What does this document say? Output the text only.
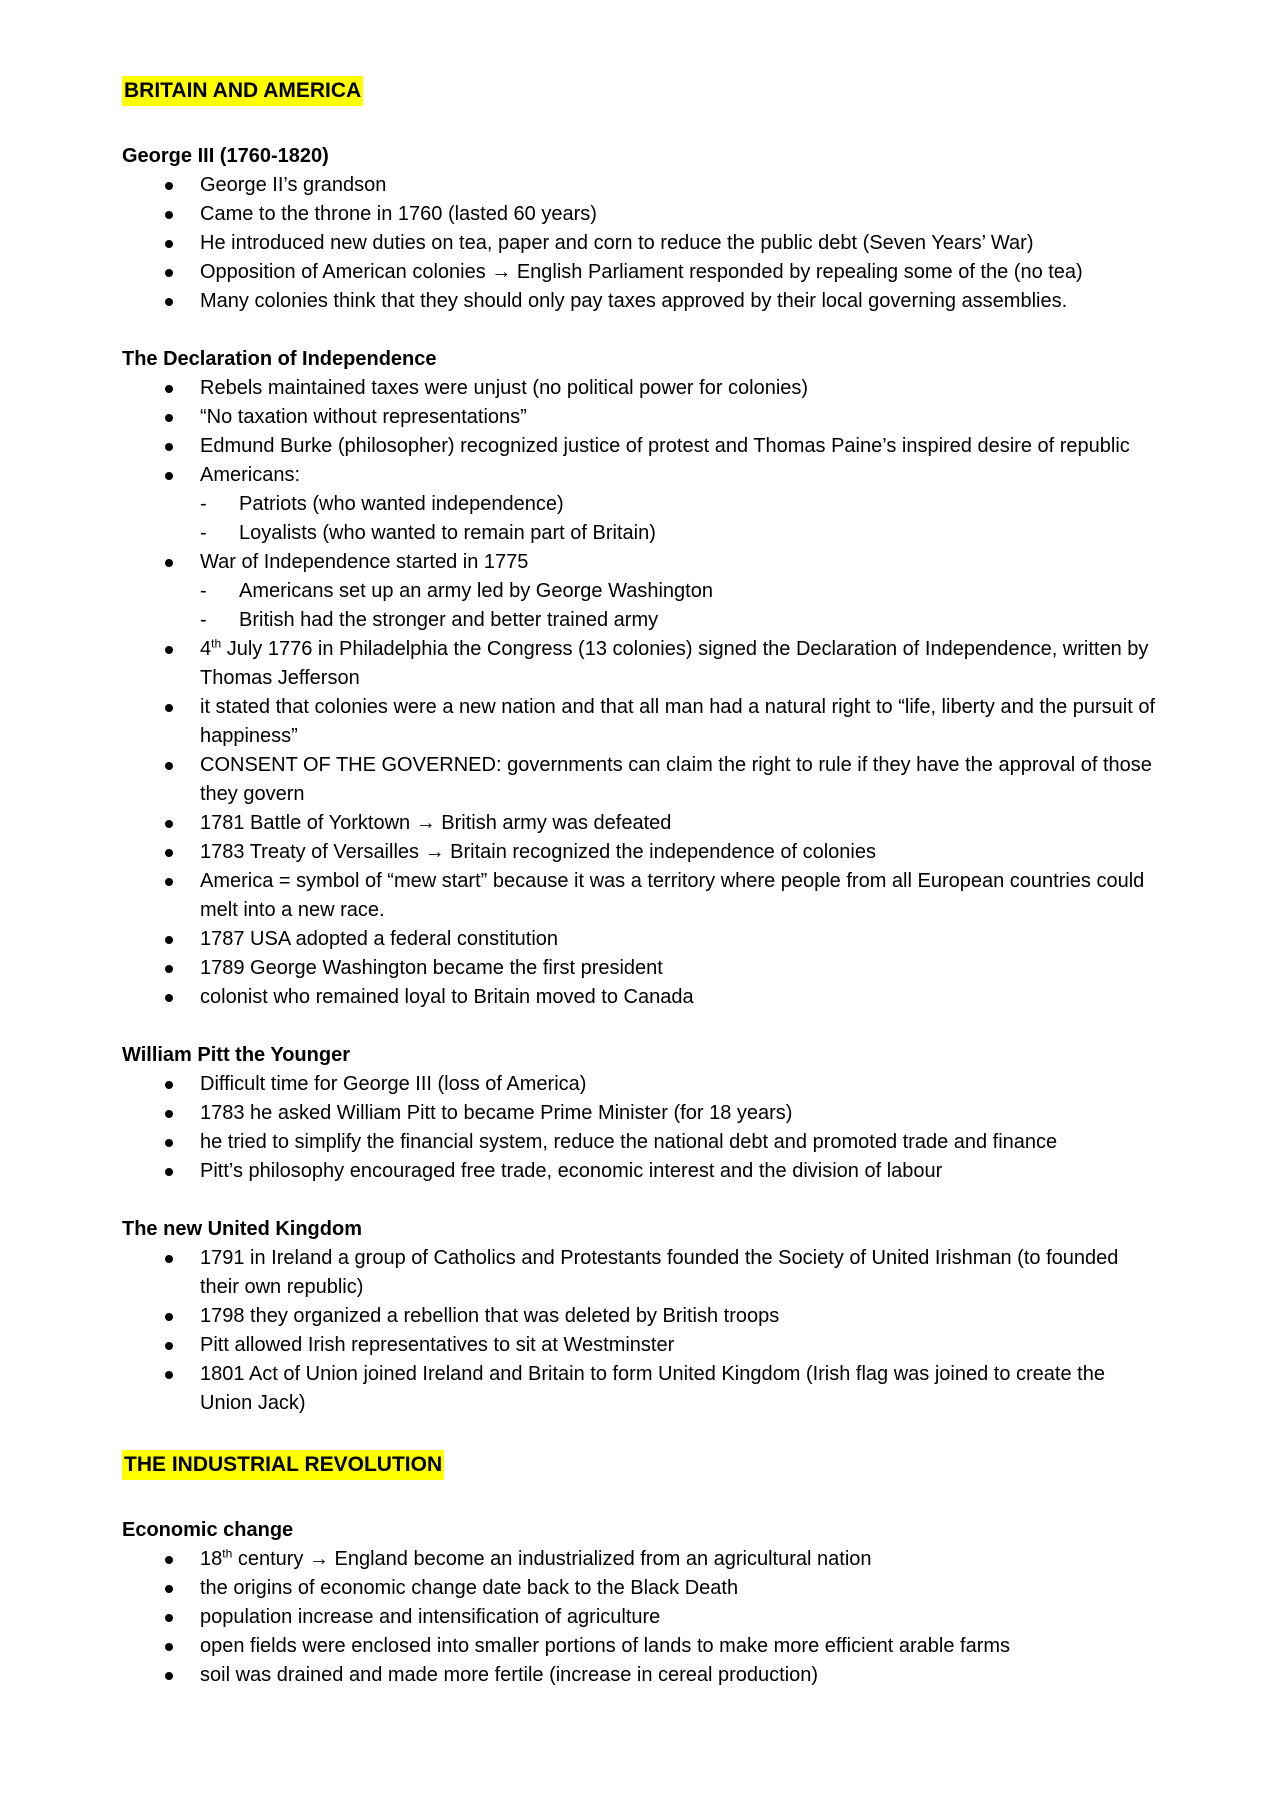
BRITAIN AND AMERICA
George III (1760-1820)
George II’s grandson
Came to the throne in 1760 (lasted 60 years)
He introduced new duties on tea, paper and corn to reduce the public debt (Seven Years’ War)
Opposition of American colonies → English Parliament responded by repealing some of the (no tea)
Many colonies think that they should only pay taxes approved by their local governing assemblies.
The Declaration of Independence
Rebels maintained taxes were unjust (no political power for colonies)
“No taxation without representations”
Edmund Burke (philosopher) recognized justice of protest and Thomas Paine’s inspired desire of republic
Americans:
- Patriots (who wanted independence)
- Loyalists (who wanted to remain part of Britain)
War of Independence started in 1775
- Americans set up an army led by George Washington
- British had the stronger and better trained army
4th July 1776 in Philadelphia the Congress (13 colonies) signed the Declaration of Independence, written by Thomas Jefferson
it stated that colonies were a new nation and that all man had a natural right to “life, liberty and the pursuit of happiness”
CONSENT OF THE GOVERNED: governments can claim the right to rule if they have the approval of those they govern
1781 Battle of Yorktown → British army was defeated
1783 Treaty of Versailles → Britain recognized the independence of colonies
America = symbol of “mew start” because it was a territory where people from all European countries could melt into a new race.
1787 USA adopted a federal constitution
1789 George Washington became the first president
colonist who remained loyal to Britain moved to Canada
William Pitt the Younger
Difficult time for George III (loss of America)
1783 he asked William Pitt to became Prime Minister (for 18 years)
he tried to simplify the financial system, reduce the national debt and promoted trade and finance
Pitt’s philosophy encouraged free trade, economic interest and the division of labour
The new United Kingdom
1791 in Ireland a group of Catholics and Protestants founded the Society of United Irishman (to founded their own republic)
1798 they organized a rebellion that was deleted by British troops
Pitt allowed Irish representatives to sit at Westminster
1801 Act of Union joined Ireland and Britain to form United Kingdom (Irish flag was joined to create the Union Jack)
THE INDUSTRIAL REVOLUTION
Economic change
18th century → England become an industrialized from an agricultural nation
the origins of economic change date back to the Black Death
population increase and intensification of agriculture
open fields were enclosed into smaller portions of lands to make more efficient arable farms
soil was drained and made more fertile (increase in cereal production)
